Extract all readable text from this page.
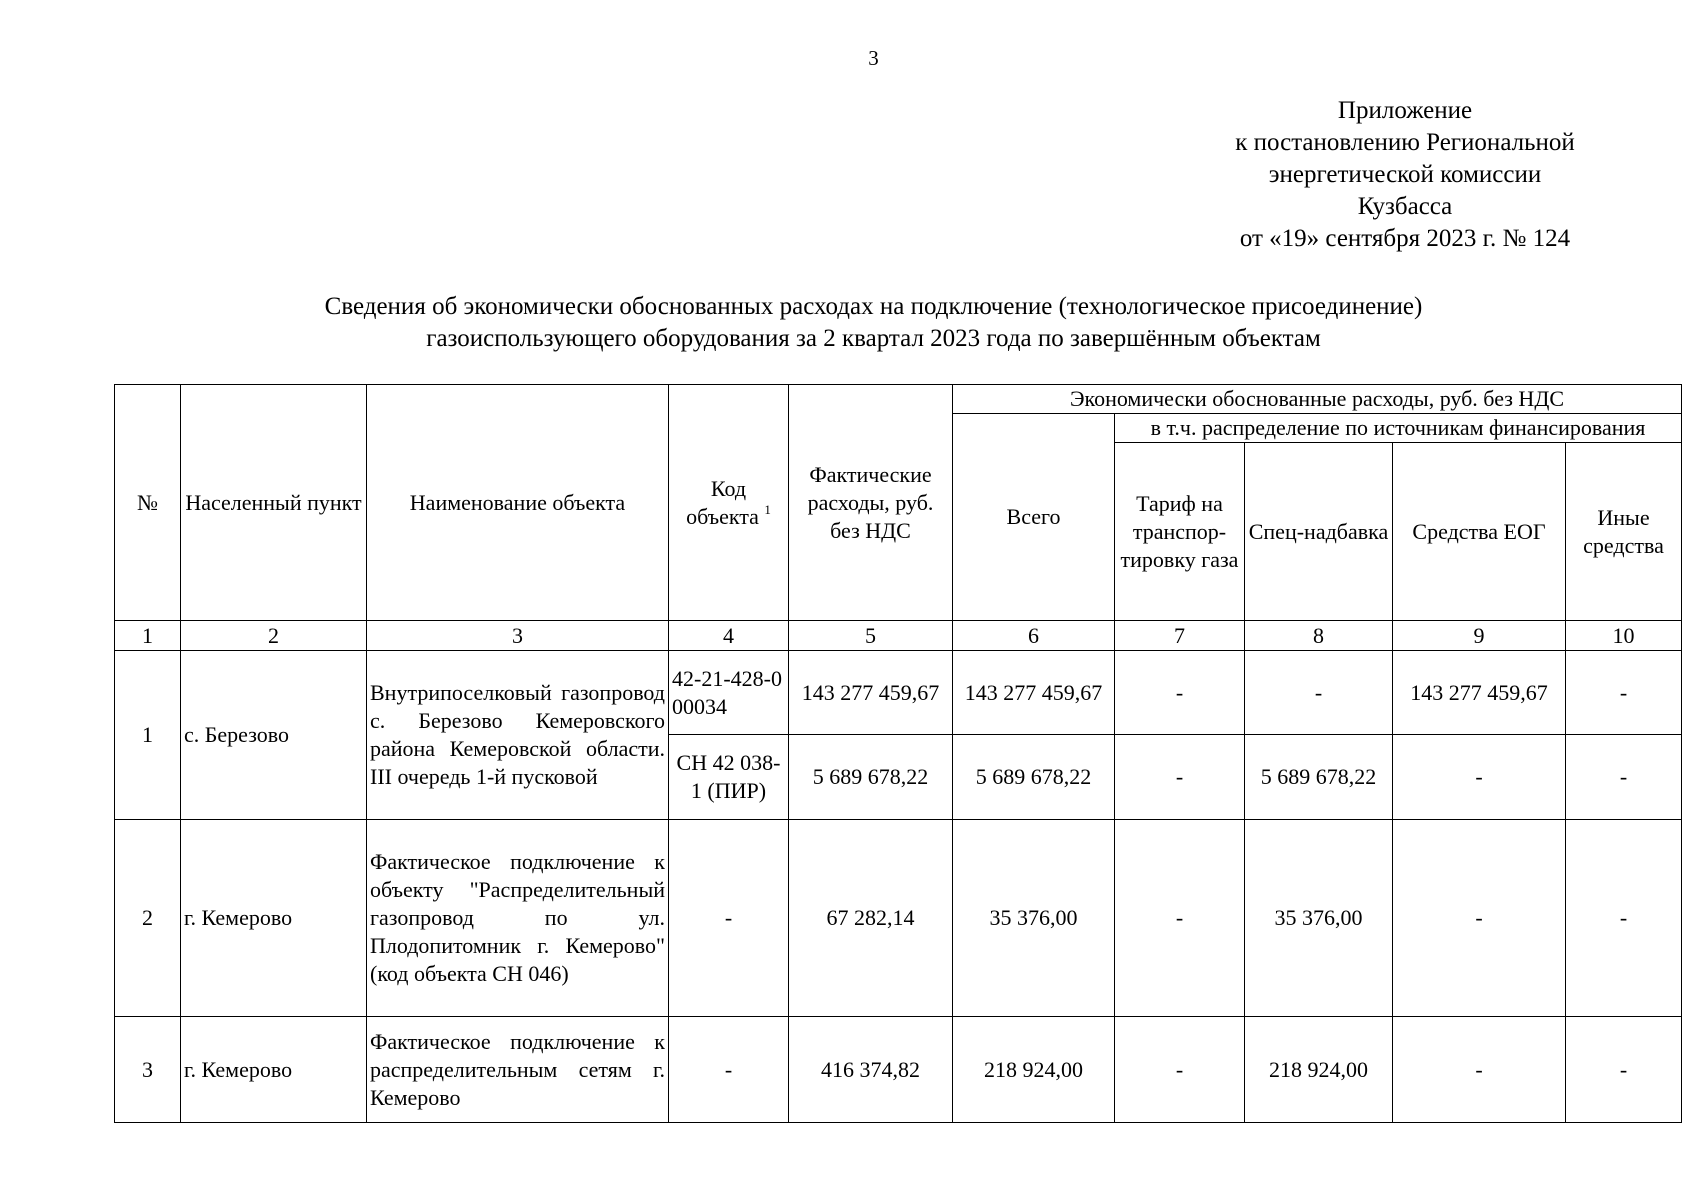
3
Приложение
к постановлению Региональной
энергетической комиссии
Кузбасса
от «19» сентября 2023 г. № 124
Сведения об экономически обоснованных расходах на подключение (технологическое присоединение)
газоиспользующего оборудования за 2 квартал 2023 года по завершённым объектам
№	Населенный пункт	Наименование объекта	Код объекта $^1$	Фактические расходы, руб. без НДС	Экономически обоснованные расходы, руб. без НДС				
					Всего	в т.ч. распределение по источникам финансирования			
						Тариф на транспор-тировку газа	Спец-надбавка	Средства ЕОГ	Иные средства
1	2	3	4	5	6	7	8	9	10
1	с. Березово	Внутрипоселковый газопровод с. Березово Кемеровского района Кемеровской области. III очередь 1-й пусковой	42-21-428-000034	143 277 459,67	143 277 459,67	-	-	143 277 459,67	-
			СН 42 038-1 (ПИР)	5 689 678,22	5 689 678,22	-	5 689 678,22	-	-
2	г. Кемерово	Фактическое подключение к объекту "Распределительный газопровод по ул. Плодопитомник г. Кемерово" (код объекта СН 046)	-	67 282,14	35 376,00	-	35 376,00	-	-
3	г. Кемерово	Фактическое подключение к распределительным сетям г. Кемерово	-	416 374,82	218 924,00	-	218 924,00	-	-
